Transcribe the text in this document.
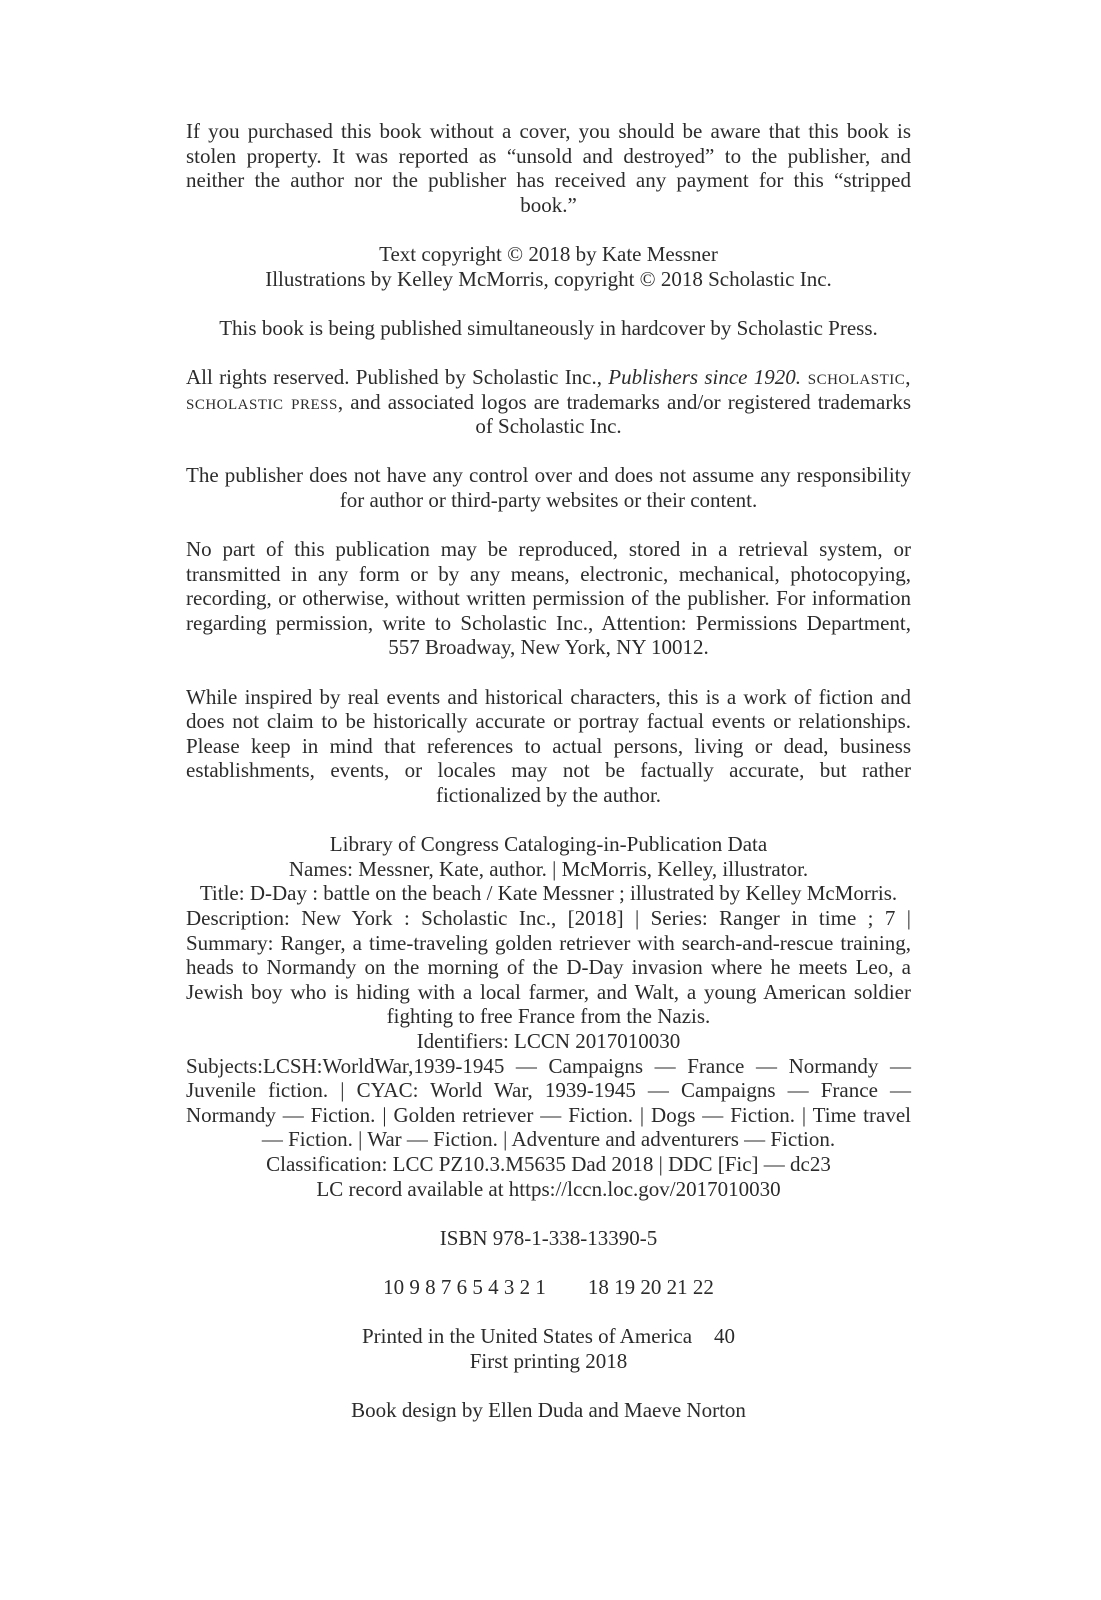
If you purchased this book without a cover, you should be aware that this book is stolen property. It was reported as “unsold and destroyed” to the publisher, and neither the author nor the publisher has received any payment for this “stripped book.”

Text copyright © 2018 by Kate Messner
Illustrations by Kelley McMorris, copyright © 2018 Scholastic Inc.

This book is being published simultaneously in hardcover by Scholastic Press.

All rights reserved. Published by Scholastic Inc., Publishers since 1920. scholastic, scholastic press, and associated logos are trademarks and/or registered trademarks of Scholastic Inc.

The publisher does not have any control over and does not assume any responsibility for author or third-party websites or their content.

No part of this publication may be reproduced, stored in a retrieval system, or transmitted in any form or by any means, electronic, mechanical, photocopying, recording, or otherwise, without written permission of the publisher. For information regarding permission, write to Scholastic Inc., Attention: Permissions Department, 557 Broadway, New York, NY 10012.

While inspired by real events and historical characters, this is a work of fiction and does not claim to be historically accurate or portray factual events or relationships. Please keep in mind that references to actual persons, living or dead, business establishments, events, or locales may not be factually accurate, but rather fictionalized by the author.

Library of Congress Cataloging-in-Publication Data
Names: Messner, Kate, author. | McMorris, Kelley, illustrator.
Title: D-Day : battle on the beach / Kate Messner ; illustrated by Kelley McMorris.
Description: New York : Scholastic Inc., [2018] | Series: Ranger in time ; 7 | Summary: Ranger, a time-traveling golden retriever with search-and-rescue training, heads to Normandy on the morning of the D-Day invasion where he meets Leo, a Jewish boy who is hiding with a local farmer, and Walt, a young American soldier fighting to free France from the Nazis.
Identifiers: LCCN 2017010030
Subjects:LCSH:WorldWar,1939-1945 — Campaigns — France — Normandy — Juvenile fiction. | CYAC: World War, 1939-1945 — Campaigns — France — Normandy — Fiction. | Golden retriever — Fiction. | Dogs — Fiction. | Time travel — Fiction. | War — Fiction. | Adventure and adventurers — Fiction.
Classification: LCC PZ10.3.M5635 Dad 2018 | DDC [Fic] — dc23
LC record available at https://lccn.loc.gov/2017010030

ISBN 978-1-338-13390-5

10 9 8 7 6 5 4 3 2 1 18 19 20 21 22

Printed in the United States of America 40
First printing 2018

Book design by Ellen Duda and Maeve Norton
